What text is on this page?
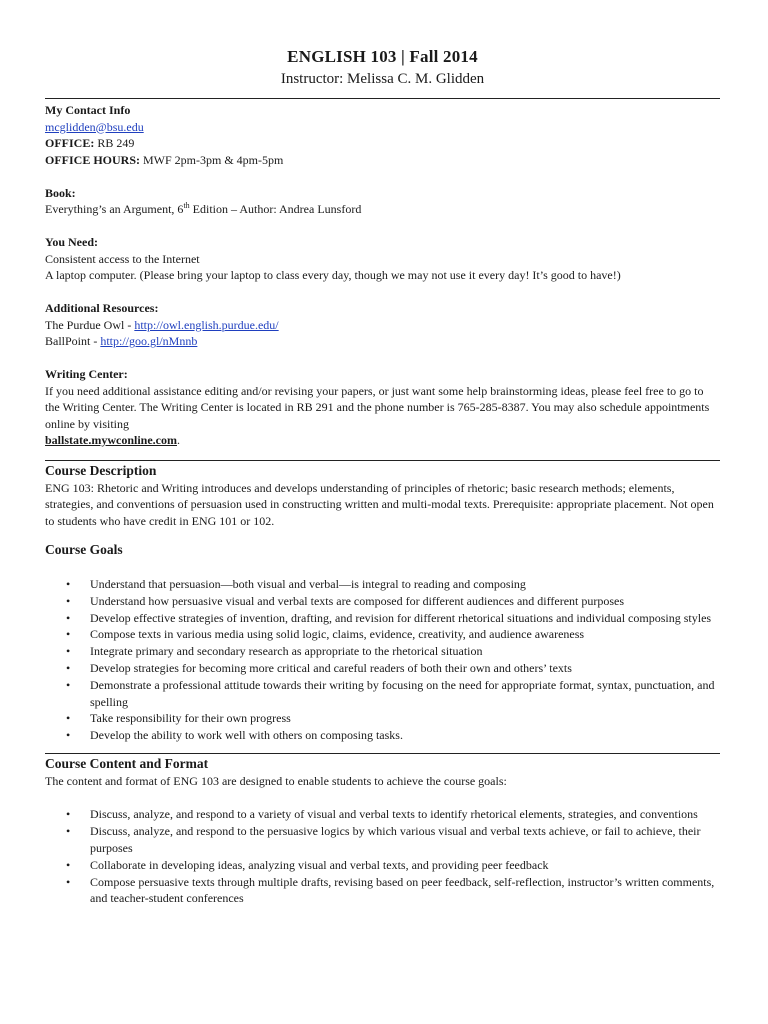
ENGLISH 103 | Fall 2014
Instructor: Melissa C. M. Glidden
My Contact Info
mcglidden@bsu.edu
OFFICE: RB 249
OFFICE HOURS: MWF 2pm-3pm & 4pm-5pm
Book:
Everything’s an Argument, 6th Edition – Author: Andrea Lunsford
You Need:
Consistent access to the Internet
A laptop computer. (Please bring your laptop to class every day, though we may not use it every day! It’s good to have!)
Additional Resources:
The Purdue Owl - http://owl.english.purdue.edu/
BallPoint - http://goo.gl/nMnnb
Writing Center:
If you need additional assistance editing and/or revising your papers, or just want some help brainstorming ideas, please feel free to go to the Writing Center. The Writing Center is located in RB 291 and the phone number is 765-285-8387. You may also schedule appointments online by visiting
ballstate.mywconline.com.
Course Description
ENG 103: Rhetoric and Writing introduces and develops understanding of principles of rhetoric; basic research methods; elements, strategies, and conventions of persuasion used in constructing written and multi-modal texts. Prerequisite: appropriate placement. Not open to students who have credit in ENG 101 or 102.
Course Goals
• Understand that persuasion—both visual and verbal—is integral to reading and composing
• Understand how persuasive visual and verbal texts are composed for different audiences and different purposes
• Develop effective strategies of invention, drafting, and revision for different rhetorical situations and individual composing styles
• Compose texts in various media using solid logic, claims, evidence, creativity, and audience awareness
• Integrate primary and secondary research as appropriate to the rhetorical situation
• Develop strategies for becoming more critical and careful readers of both their own and others’ texts
• Demonstrate a professional attitude towards their writing by focusing on the need for appropriate format, syntax, punctuation, and spelling
• Take responsibility for their own progress
• Develop the ability to work well with others on composing tasks.
Course Content and Format
The content and format of ENG 103 are designed to enable students to achieve the course goals:
• Discuss, analyze, and respond to a variety of visual and verbal texts to identify rhetorical elements, strategies, and conventions
• Discuss, analyze, and respond to the persuasive logics by which various visual and verbal texts achieve, or fail to achieve, their purposes
• Collaborate in developing ideas, analyzing visual and verbal texts, and providing peer feedback
• Compose persuasive texts through multiple drafts, revising based on peer feedback, self-reflection, instructor’s written comments, and teacher-student conferences
